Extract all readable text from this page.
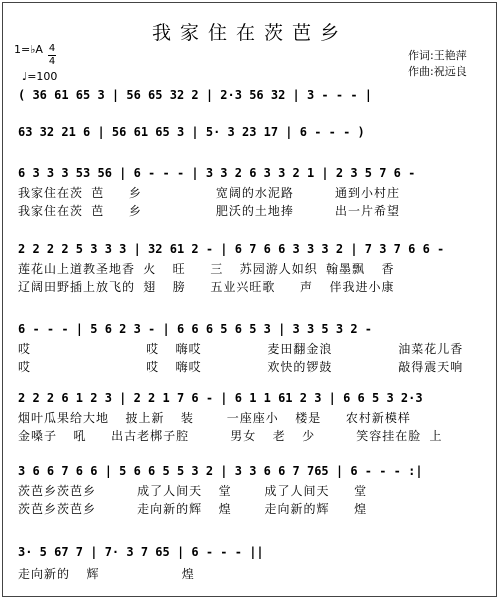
我家住在茨芭乡
1=♭A 4
4
♩=100
作词:王艳萍
作曲:祝远良
( 36 61 65 3 | 56 65 32 2 | 2·3 56 32 | 3 - - - |
63 32 21 6 | 56 61 65 3 | 5· 3 23 17 | 6 - - - )
6 3 3 3 53 56 | 6 - - - | 3 3 2 6 3 3 2 1 | 2 3 5 7 6 -
我家住在茨 芭   乡         宽阔的水泥路     通到小村庄
我家住在茨 芭   乡         肥沃的土地捧     出一片希望
2 2 2 2 5 3 3 3 | 32 61 2 - | 6 7 6 6 3 3 3 2 | 7 3 7 6 6 -
莲花山上道教圣地香 火  旺   三  苏园游人如织 翰墨飘  香
辽阔田野插上放飞的 翅  膀   五业兴旺歌   声  伴我进小康
6 - - - | 5 6 2 3 - | 6 6 6 5 6 5 3 | 3 3 5 3 2 -
哎              哎  嗨哎        麦田翻金浪        油菜花儿香
哎              哎  嗨哎        欢快的锣鼓        敲得震天响
2 2 2 6 1 2 3 | 2 2 1 7 6 - | 6 1 1 61 2 3 | 6 6 5 3 2·3
烟叶瓜果给大地  披上新  装    一座座小  楼是   农村新模样
金嗓子  吼   出古老梆子腔     男女  老  少     笑容挂在脸 上
3 6 6 7 6 6 | 5 6 6 5 5 3 2 | 3 3 6 6 7 765 | 6 - - - :|
茨芭乡茨芭乡     成了人间天  堂    成了人间天   堂
茨芭乡茨芭乡     走向新的辉  煌    走向新的辉   煌
3· 5 67 7 | 7· 3 7 65 | 6 - - - ||
走向新的  辉          煌
